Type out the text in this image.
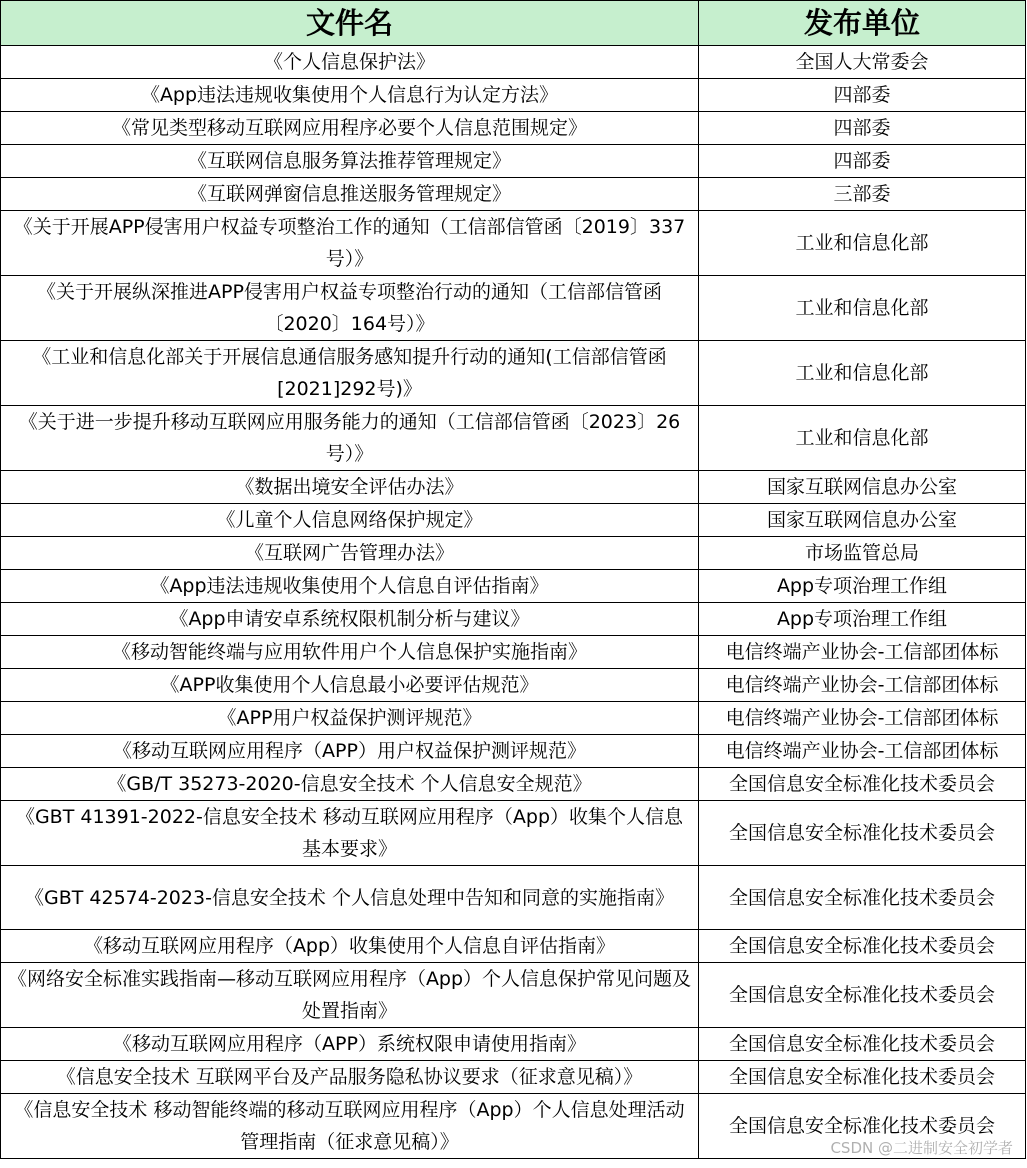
文件名	发布单位
《个人信息保护法》	全国人大常委会
《App违法违规收集使用个人信息行为认定方法》	四部委
《常见类型移动互联网应用程序必要个人信息范围规定》	四部委
《互联网信息服务算法推荐管理规定》	四部委
《互联网弹窗信息推送服务管理规定》	三部委
《关于开展APP侵害用户权益专项整治工作的通知（工信部信管函〔2019〕337号）》	工业和信息化部
《关于开展纵深推进APP侵害用户权益专项整治行动的通知（工信部信管函〔2020〕164号）》	工业和信息化部
《工业和信息化部关于开展信息通信服务感知提升行动的通知(工信部信管函[2021]292号)》	工业和信息化部
《关于进一步提升移动互联网应用服务能力的通知（工信部信管函〔2023〕26号）》	工业和信息化部
《数据出境安全评估办法》	国家互联网信息办公室
《儿童个人信息网络保护规定》	国家互联网信息办公室
《互联网广告管理办法》	市场监管总局
《App违法违规收集使用个人信息自评估指南》	App专项治理工作组
《App申请安卓系统权限机制分析与建议》	App专项治理工作组
《移动智能终端与应用软件用户个人信息保护实施指南》	电信终端产业协会-工信部团体标
《APP收集使用个人信息最小必要评估规范》	电信终端产业协会-工信部团体标
《APP用户权益保护测评规范》	电信终端产业协会-工信部团体标
《移动互联网应用程序（APP）用户权益保护测评规范》	电信终端产业协会-工信部团体标
《GB/T 35273-2020-信息安全技术 个人信息安全规范》	全国信息安全标准化技术委员会
《GBT 41391-2022-信息安全技术 移动互联网应用程序（App）收集个人信息基本要求》	全国信息安全标准化技术委员会
《GBT 42574-2023-信息安全技术 个人信息处理中告知和同意的实施指南》	全国信息安全标准化技术委员会
《移动互联网应用程序（App）收集使用个人信息自评估指南》	全国信息安全标准化技术委员会
《网络安全标准实践指南—移动互联网应用程序（App）个人信息保护常见问题及处置指南》	全国信息安全标准化技术委员会
《移动互联网应用程序（APP）系统权限申请使用指南》	全国信息安全标准化技术委员会
《信息安全技术 互联网平台及产品服务隐私协议要求（征求意见稿）》	全国信息安全标准化技术委员会
《信息安全技术 移动智能终端的移动互联网应用程序（App）个人信息处理活动管理指南（征求意见稿）》	全国信息安全标准化技术委员会
CSDN @二进制安全初学者
